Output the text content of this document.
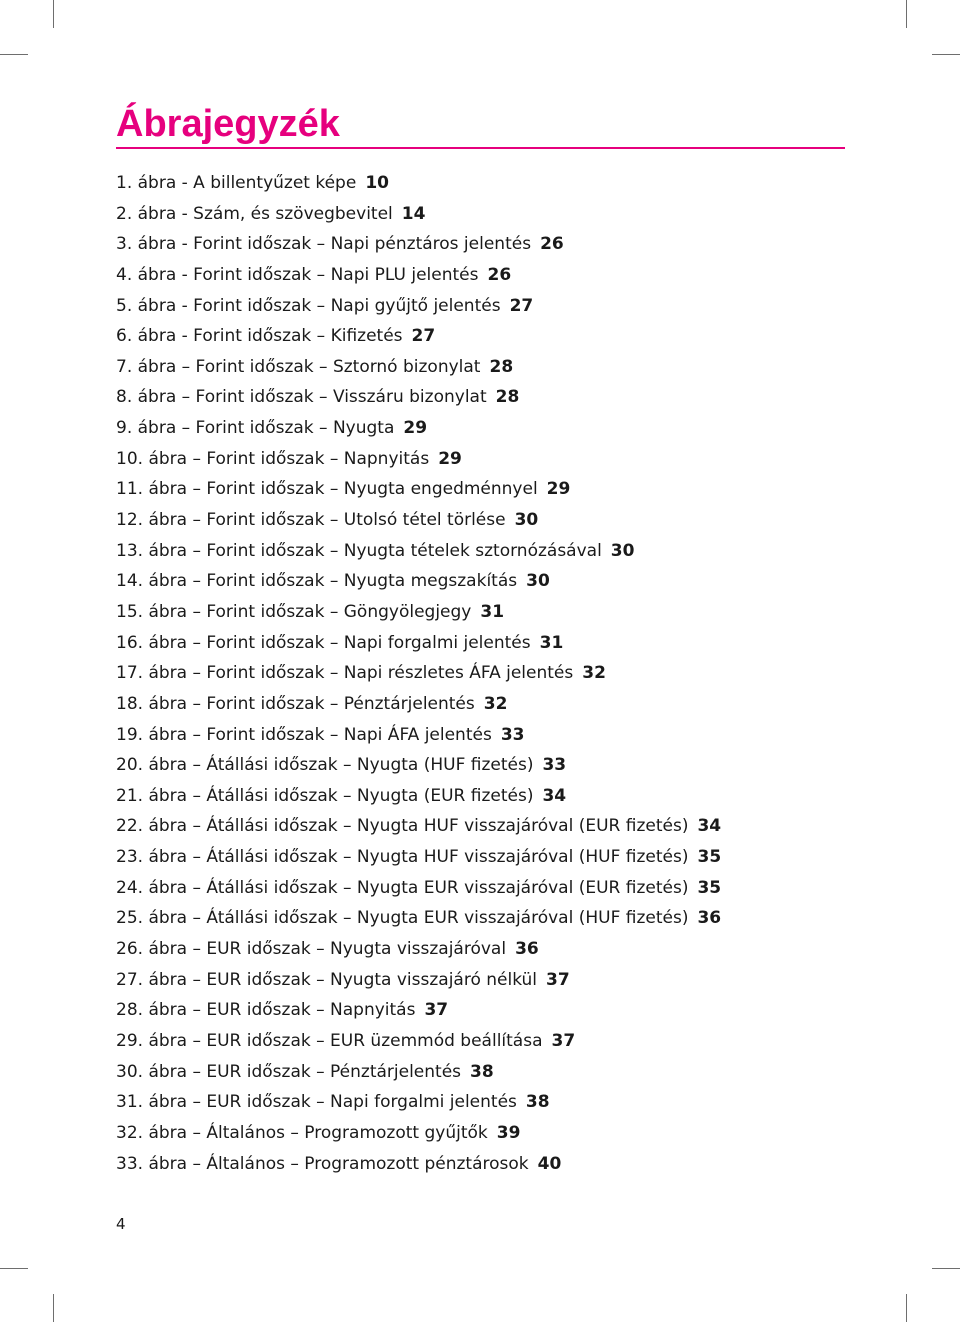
Ábrajegyzék
1. ábra - A billentyűzet képe 10
2. ábra - Szám, és szövegbevitel 14
3. ábra - Forint időszak – Napi pénztáros jelentés 26
4. ábra - Forint időszak – Napi PLU jelentés 26
5. ábra - Forint időszak – Napi gyűjtő jelentés 27
6. ábra - Forint időszak – Kifizetés 27
7. ábra – Forint időszak – Sztornó bizonylat 28
8. ábra – Forint időszak – Visszáru bizonylat 28
9. ábra – Forint időszak – Nyugta 29
10. ábra – Forint időszak – Napnyitás 29
11. ábra – Forint időszak – Nyugta engedménnyel 29
12. ábra – Forint időszak – Utolsó tétel törlése 30
13. ábra – Forint időszak – Nyugta tételek sztornózásával 30
14. ábra – Forint időszak – Nyugta megszakítás 30
15. ábra – Forint időszak – Göngyölegjegy 31
16. ábra – Forint időszak – Napi forgalmi jelentés 31
17. ábra – Forint időszak – Napi részletes ÁFA jelentés 32
18. ábra – Forint időszak – Pénztárjelentés 32
19. ábra – Forint időszak – Napi ÁFA jelentés 33
20. ábra – Átállási időszak – Nyugta (HUF fizetés) 33
21. ábra – Átállási időszak – Nyugta (EUR fizetés) 34
22. ábra – Átállási időszak – Nyugta HUF visszajáróval (EUR fizetés) 34
23. ábra – Átállási időszak – Nyugta HUF visszajáróval (HUF fizetés) 35
24. ábra – Átállási időszak – Nyugta EUR visszajáróval (EUR fizetés) 35
25. ábra – Átállási időszak – Nyugta EUR visszajáróval (HUF fizetés) 36
26. ábra – EUR időszak – Nyugta visszajáróval 36
27. ábra – EUR időszak – Nyugta visszajáró nélkül 37
28. ábra – EUR időszak – Napnyitás 37
29. ábra – EUR időszak – EUR üzemmód beállítása 37
30. ábra – EUR időszak – Pénztárjelentés 38
31. ábra – EUR időszak – Napi forgalmi jelentés 38
32. ábra – Általános – Programozott gyűjtők 39
33. ábra – Általános – Programozott pénztárosok 40
4
